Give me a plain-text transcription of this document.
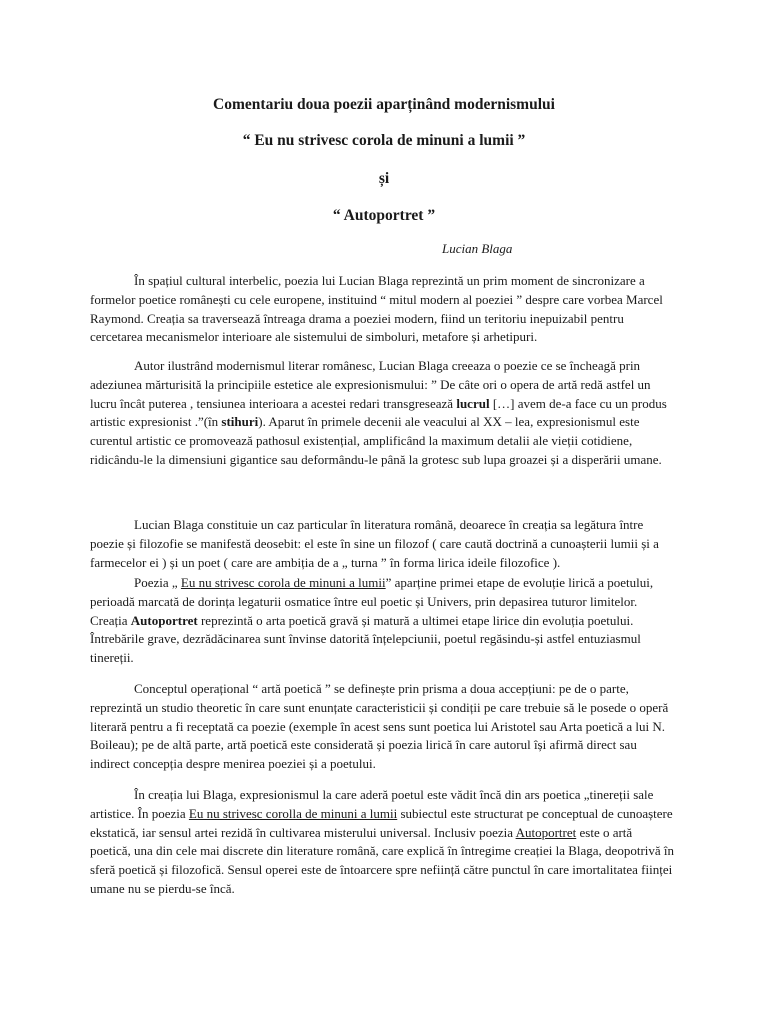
Comentariu doua poezii aparținând modernismului
“ Eu nu strivesc corola de minuni a lumii ”
și
“ Autoportret ”
Lucian Blaga

În spațiul cultural interbelic, poezia lui Lucian Blaga reprezintă un prim moment de sincronizare a formelor poetice românești cu cele europene, instituind “ mitul modern al poeziei ” despre care vorbea Marcel Raymond. Creația sa traversează întreaga drama a poeziei modern, fiind un teritoriu inepuizabil pentru cercetarea mecanismelor interioare ale sistemului de simboluri, metafore și arhetipuri.

Autor ilustrând modernismul literar românesc, Lucian Blaga creeaza o poezie ce se încheagă prin adeziunea mărturisită la principiile estetice ale expresionismului: ” De câte ori o opera de artă redă astfel un lucru încât puterea , tensiunea interioara a acestei redari transgresează lucrul […] avem de-a face cu un produs artistic expresionist .”(în stihuri). Aparut în primele decenii ale veacului al XX – lea, expresionismul este curentul artistic ce promovează pathosul existențial, amplificând la maximum detalii ale vieții cotidiene, ridicându-le la dimensiuni gigantice sau deformându-le până la grotesc sub lupa groazei și a disperării umane.

Lucian Blaga constituie un caz particular în literatura română, deoarece în creația sa legătura între poezie și filozofie se manifestă deosebit: el este în sine un filozof ( care caută doctrină a cunoașterii lumii și a farmecelor ei ) și un poet ( care are ambiția de a „ turna ” în forma lirica ideile filozofice ).

Poezia „ Eu nu strivesc corola de minuni a lumii” aparține primei etape de evoluție lirică a poetului, perioadă marcată de dorința legaturii osmatice între eul poetic și Univers, prin depasirea tuturor limitelor. Creația Autoportret reprezintă o arta poetică gravă și matură a ultimei etape lirice din evoluția poetului. Întrebările grave, dezrădăcinarea sunt învinse datorită înțelepciunii, poetul regăsindu-și astfel entuziasmul tinereții.

Conceptul operațional “ artă poetică ” se definește prin prisma a doua accepțiuni: pe de o parte, reprezintă un studio theoretic în care sunt enunțate caracteristicii și condiții pe care trebuie să le posede o operă literară pentru a fi receptată ca poezie (exemple în acest sens sunt poetica lui Aristotel sau Arta poetică a lui N. Boileau); pe de altă parte, artă poetică este considerată și poezia lirică în care autorul își afirmă direct sau indirect concepția despre menirea poeziei și a poetului.

În creația lui Blaga, expresionismul la care aderă poetul este vădit încă din ars poetica „tinereții sale artistice. În poezia Eu nu strivesc corolla de minuni a lumii subiectul este structurat pe conceptual de cunoaștere ekstatică, iar sensul artei rezidă în cultivarea misterului universal. Inclusiv poezia Autoportret este o artă poetică, una din cele mai discrete din literature română, care explică în întregime creației la Blaga, deopotrivă în sferă poetică și filozofică. Sensul operei este de întoarcere spre neființă către punctul în care imortalitatea ființei umane nu se pierdu-se încă.
